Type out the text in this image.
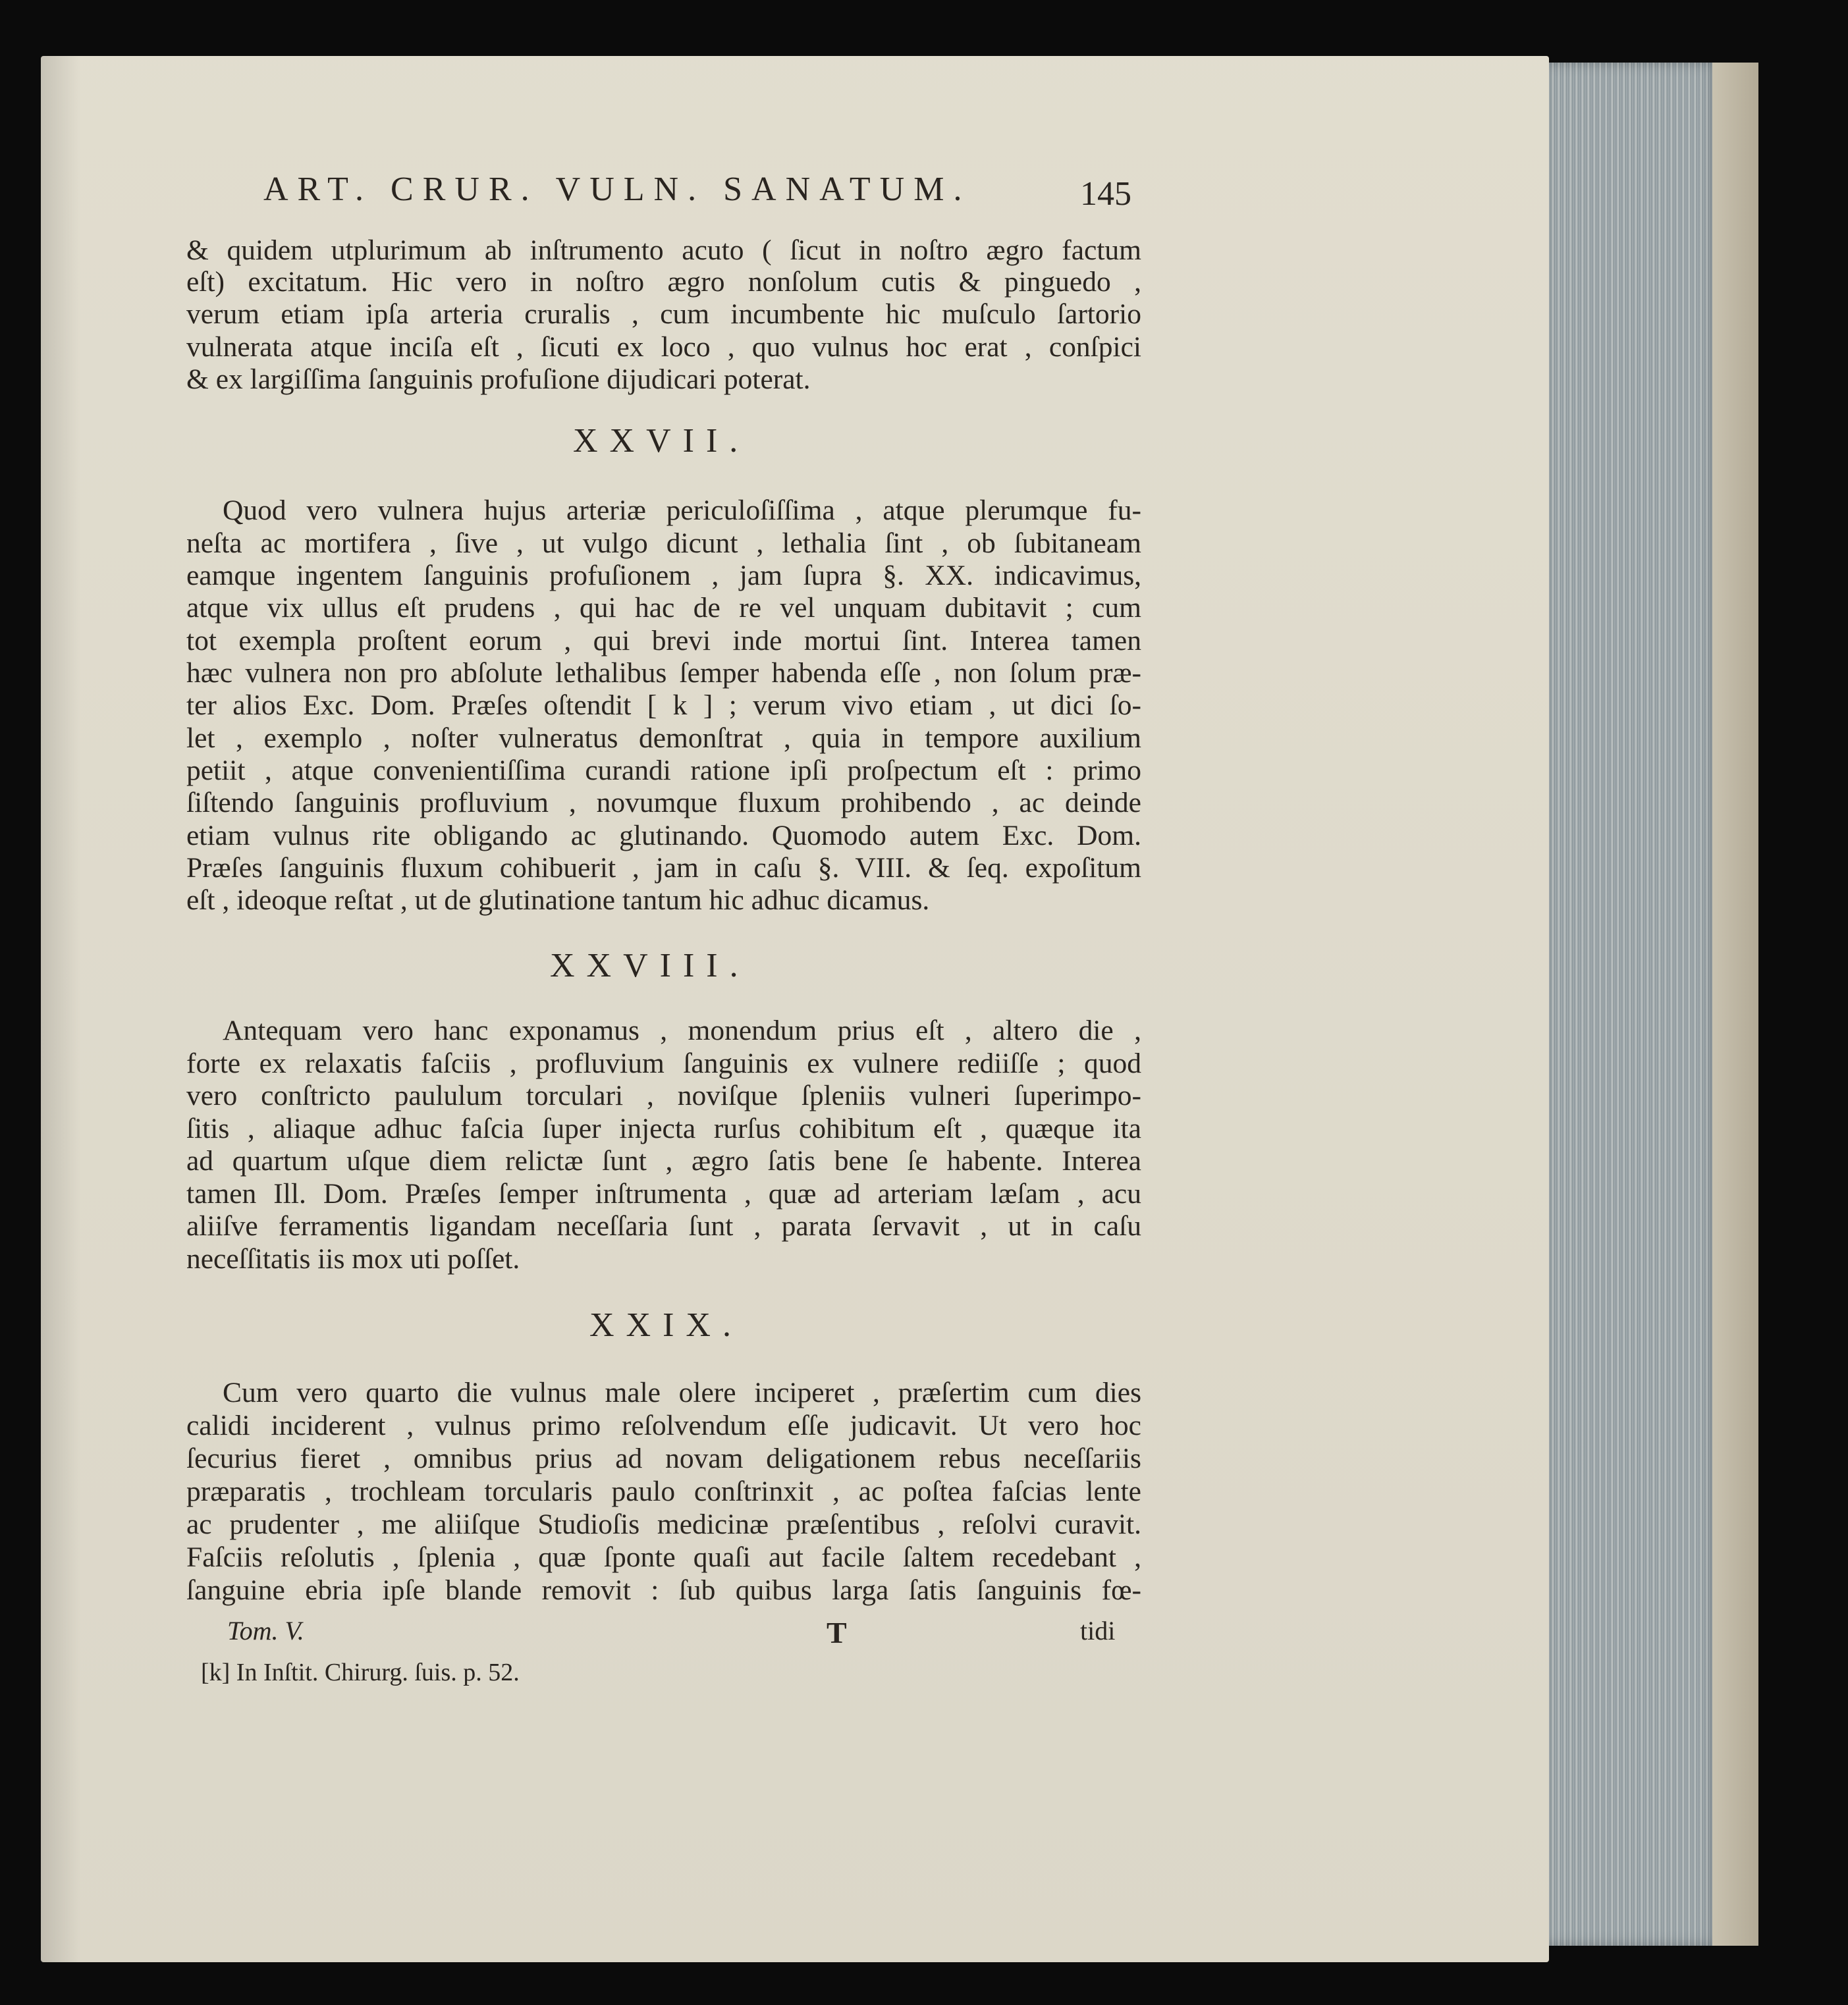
ART. CRUR. VULN. SANATUM.	145
& quidem utplurimum ab inſtrumento acuto ( ſicut in noſtro ægro factum
eſt) excitatum. Hic vero in noſtro ægro nonſolum cutis & pinguedo ,
verum etiam ipſa arteria cruralis , cum incumbente hic muſculo ſartorio
vulnerata atque inciſa eſt , ſicuti ex loco , quo vulnus hoc erat , conſpici
& ex largiſſima ſanguinis profuſione dijudicari poterat.
XXVII.
Quod vero vulnera hujus arteriæ periculoſiſſima , atque plerumque fu-
neſta ac mortifera , ſive , ut vulgo dicunt , lethalia ſint , ob ſubitaneam
eamque ingentem ſanguinis profuſionem , jam ſupra §. XX. indicavimus,
atque vix ullus eſt prudens , qui hac de re vel unquam dubitavit ; cum
tot exempla proſtent eorum , qui brevi inde mortui ſint. Interea tamen
hæc vulnera non pro abſolute lethalibus ſemper habenda eſſe , non ſolum præ-
ter alios Exc. Dom. Præſes oſtendit [ k ] ; verum vivo etiam , ut dici ſo-
let , exemplo , noſter vulneratus demonſtrat , quia in tempore auxilium
petiit , atque convenientiſſima curandi ratione ipſi proſpectum eſt : primo
ſiſtendo ſanguinis profluvium , novumque fluxum prohibendo , ac deinde
etiam vulnus rite obligando ac glutinando. Quomodo autem Exc. Dom.
Præſes ſanguinis fluxum cohibuerit , jam in caſu §. VIII. & ſeq. expoſitum
eſt , ideoque reſtat , ut de glutinatione tantum hic adhuc dicamus.
XXVIII.
Antequam vero hanc exponamus , monendum prius eſt , altero die ,
forte ex relaxatis faſciis , profluvium ſanguinis ex vulnere rediiſſe ; quod
vero conſtricto paululum torculari , noviſque ſpleniis vulneri ſuperimpo-
ſitis , aliaque adhuc faſcia ſuper injecta rurſus cohibitum eſt , quæque ita
ad quartum uſque diem relictæ ſunt , ægro ſatis bene ſe habente. Interea
tamen Ill. Dom. Præſes ſemper inſtrumenta , quæ ad arteriam læſam , acu
aliiſve ferramentis ligandam neceſſaria ſunt , parata ſervavit , ut in caſu
neceſſitatis iis mox uti poſſet.
XXIX.
Cum vero quarto die vulnus male olere inciperet , præſertim cum dies
calidi inciderent , vulnus primo reſolvendum eſſe judicavit. Ut vero hoc
ſecurius fieret , omnibus prius ad novam deligationem rebus neceſſariis
præparatis , trochleam torcularis paulo conſtrinxit , ac poſtea faſcias lente
ac prudenter , me aliiſque Studioſis medicinæ præſentibus , reſolvi curavit.
Faſciis reſolutis , ſplenia , quæ ſponte quaſi aut facile ſaltem recedebant ,
ſanguine ebria ipſe blande removit : ſub quibus larga ſatis ſanguinis fœ-
Tom. V.	T	tidi
[k] In Inſtit. Chirurg. ſuis. p. 52.
